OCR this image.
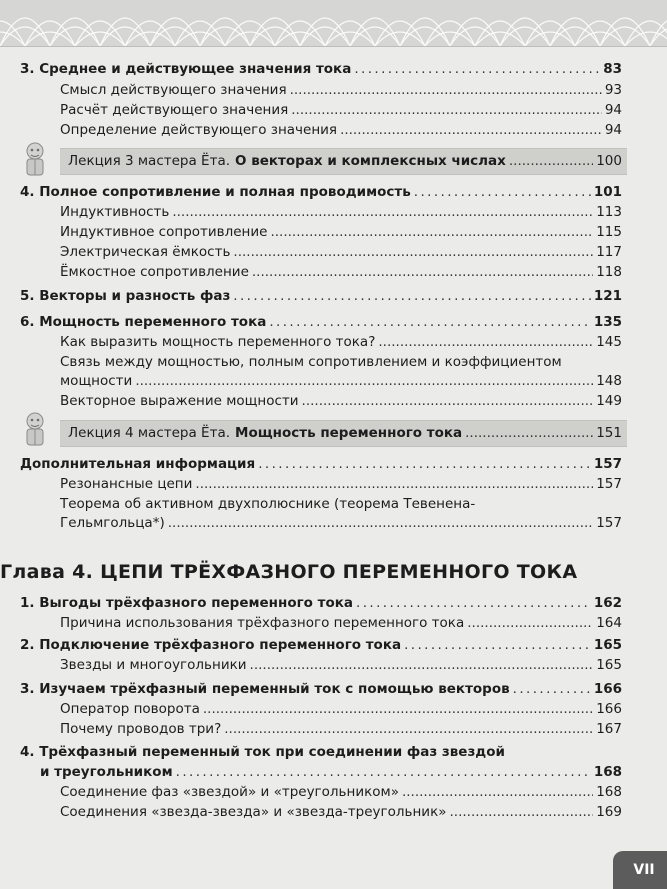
3. Среднее и действующее значения тока .....	83
Смысл действующего значения .....	93
Расчёт действующего значения .....	94
Определение действующего значения .....	94
Лекция 3 мастера Ёта. О векторах и комплексных числах .....	100
4. Полное сопротивление и полная проводимость .....	101
Индуктивность .....	113
Индуктивное сопротивление .....	115
Электрическая ёмкость .....	117
Ёмкостное сопротивление .....	118
5. Векторы и разность фаз .....	121
6. Мощность переменного тока .....	135
Как выразить мощность переменного тока? .....	145
Связь между мощностью, полным сопротивлением и коэффициентом
мощности .....	148
Векторное выражение мощности .....	149
Лекция 4 мастера Ёта. Мощность переменного тока .....	151
Дополнительная информация .....	157
Резонансные цепи .....	157
Теорема об активном двухполюснике (теорема Тевенена-
Гельмгольца*) .....	157
Глава 4. ЦЕПИ ТРЁХФАЗНОГО ПЕРЕМЕННОГО ТОКА
1. Выгоды трёхфазного переменного тока .....	162
Причина использования трёхфазного переменного тока .....	164
2. Подключение трёхфазного переменного тока .....	165
Звезды и многоугольники .....	165
3. Изучаем трёхфазный переменный ток с помощью векторов .....	166
Оператор поворота .....	166
Почему проводов три? .....	167
4. Трёхфазный переменный ток при соединении фаз звездой
и треугольником .....	168
Соединение фаз «звездой» и «треугольником» .....	168
Соединения «звезда-звезда» и «звезда-треугольник» .....	169
VII
